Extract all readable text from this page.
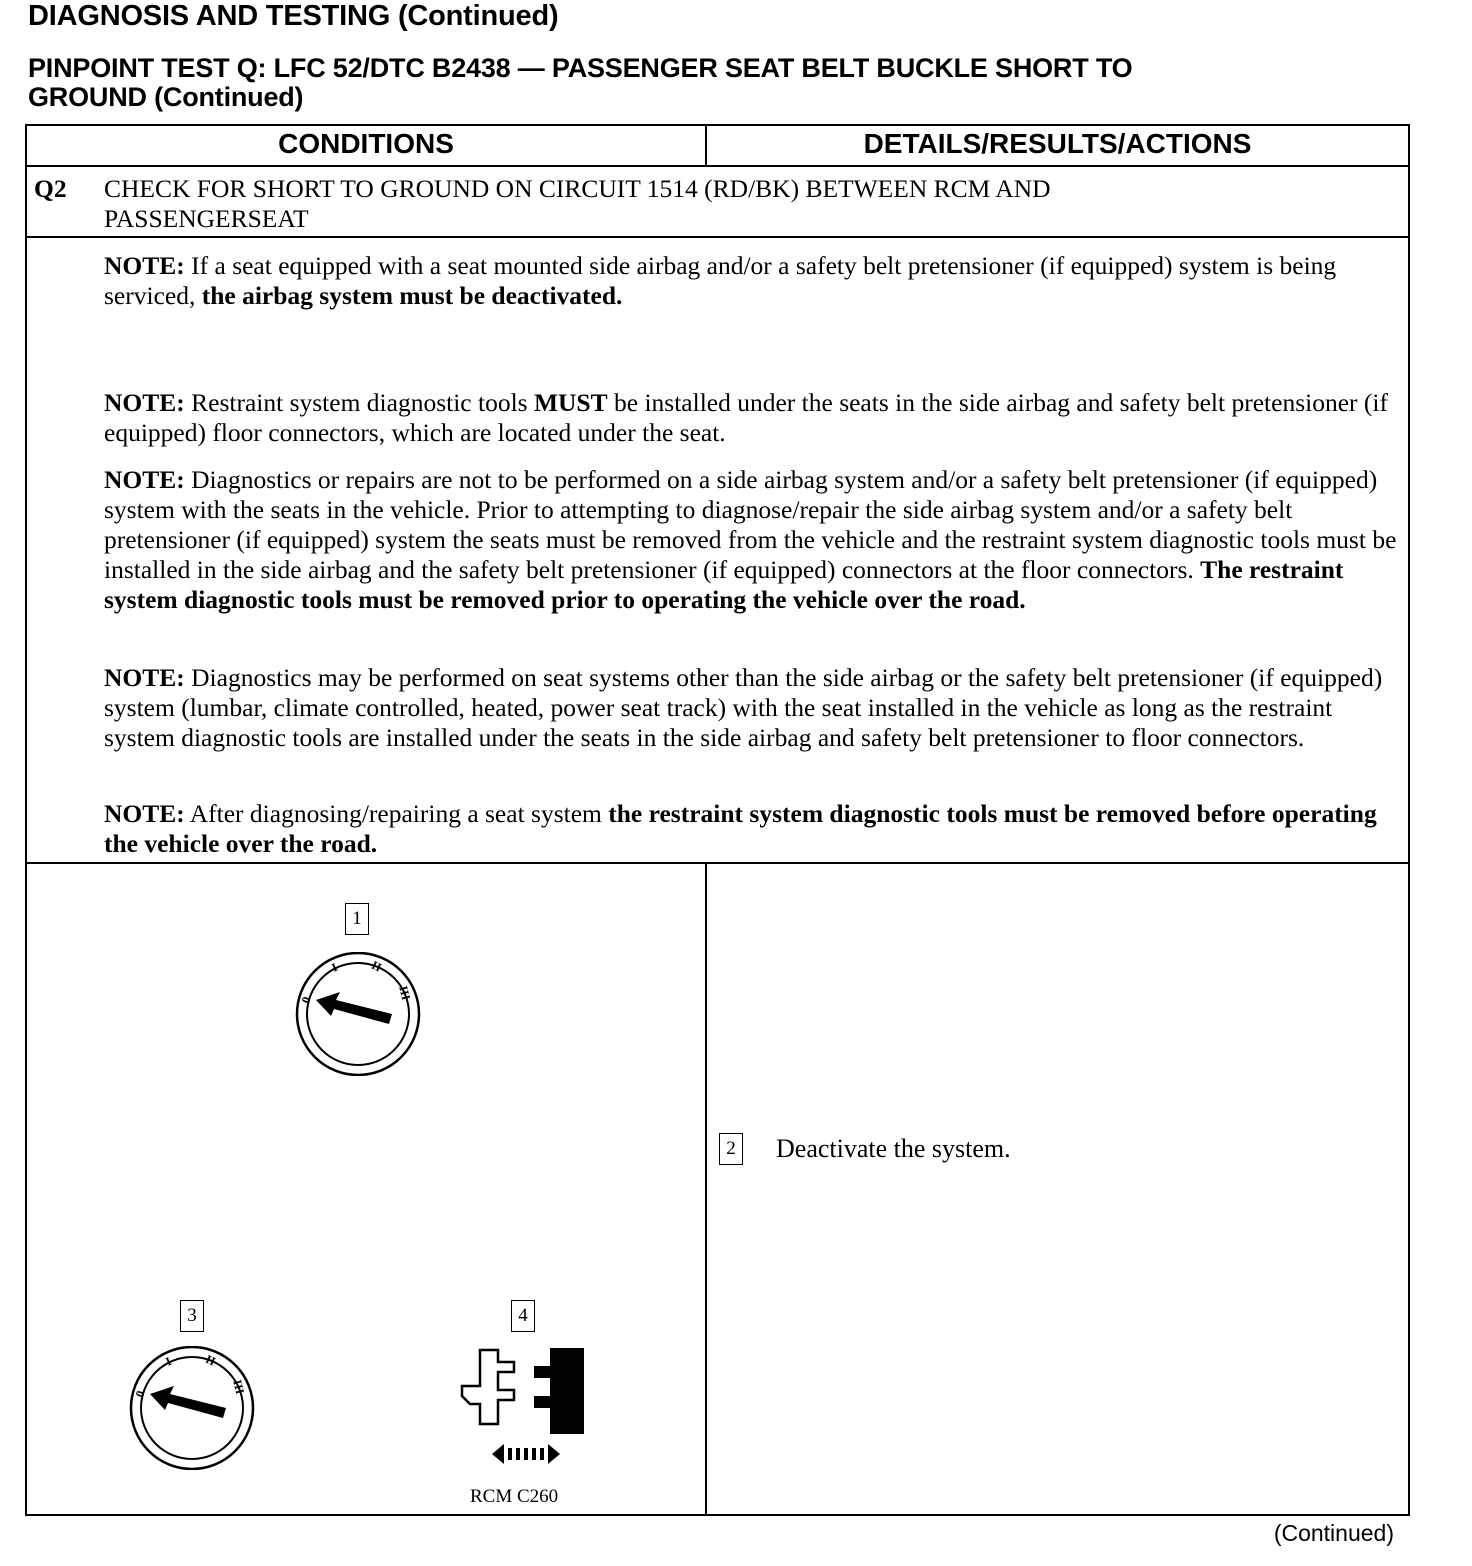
DIAGNOSIS AND TESTING (Continued)
PINPOINT TEST Q: LFC 52/DTC B2438 — PASSENGER SEAT BELT BUCKLE SHORT TO
GROUND (Continued)
CONDITIONS	DETAILS/RESULTS/ACTIONS
Q2 CHECK FOR SHORT TO GROUND ON CIRCUIT 1514 (RD/BK) BETWEEN RCM AND
PASSENGERSEAT
NOTE: If a seat equipped with a seat mounted side airbag and/or a safety belt pretensioner (if equipped) system is being serviced, the airbag system must be deactivated.
NOTE: Restraint system diagnostic tools MUST be installed under the seats in the side airbag and safety belt pretensioner (if equipped) floor connectors, which are located under the seat.
NOTE: Diagnostics or repairs are not to be performed on a side airbag system and/or a safety belt pretensioner (if equipped) system with the seats in the vehicle. Prior to attempting to diagnose/repair the side airbag system and/or a safety belt pretensioner (if equipped) system the seats must be removed from the vehicle and the restraint system diagnostic tools must be installed in the side airbag and the safety belt pretensioner (if equipped) connectors at the floor connectors. The restraint system diagnostic tools must be removed prior to operating the vehicle over the road.
NOTE: Diagnostics may be performed on seat systems other than the side airbag or the safety belt pretensioner (if equipped) system (lumbar, climate controlled, heated, power seat track) with the seat installed in the vehicle as long as the restraint system diagnostic tools are installed under the seats in the side airbag and safety belt pretensioner to floor connectors.
NOTE: After diagnosing/repairing a seat system the restraint system diagnostic tools must be removed before operating the vehicle over the road.
1
0
I II
III
2 Deactivate the system.
3
0
I II
III
4
RCM C260
(Continued)
